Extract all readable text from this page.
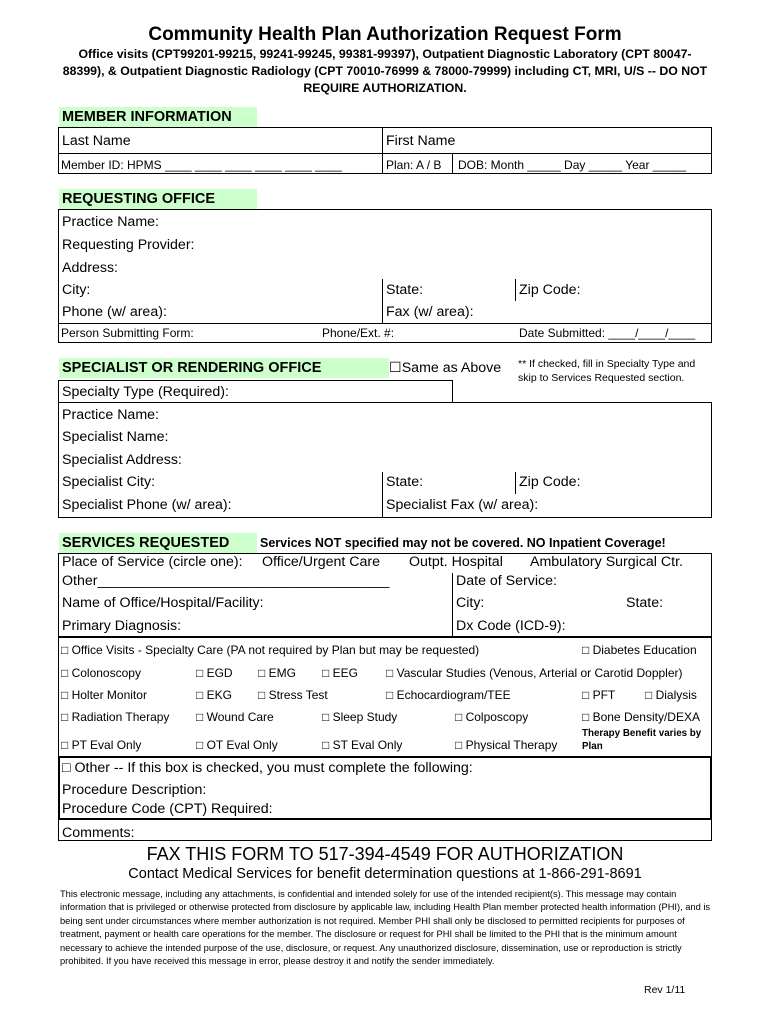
Community Health Plan Authorization Request Form
Office visits (CPT99201-99215, 99241-99245, 99381-99397), Outpatient Diagnostic Laboratory (CPT 80047-88399), & Outpatient Diagnostic Radiology (CPT 70010-76999 & 78000-79999) including CT, MRI, U/S -- DO NOT REQUIRE AUTHORIZATION.
MEMBER INFORMATION
Last Name	First Name
Member ID: HPMS ____ ____ ____ ____ ____ ____	Plan: A / B DOB: Month _____ Day _____ Year _____
REQUESTING OFFICE
Practice Name:
Requesting Provider:
Address:
City:	State:	Zip Code:
Phone (w/ area):	Fax (w/ area):
Person Submitting Form:	Phone/Ext. #:	Date Submitted: ____/____/____
SPECIALIST OR RENDERING OFFICE	☐Same as Above ** If checked, fill in Specialty Type and skip to Services Requested section.
Specialty Type (Required):
Practice Name:
Specialist Name:
Specialist Address:
Specialist City:	State:	Zip Code:
Specialist Phone (w/ area):	Specialist Fax (w/ area):
SERVICES REQUESTED	Services NOT specified may not be covered. NO Inpatient Coverage!
Place of Service (circle one): Office/Urgent Care Outpt. Hospital Ambulatory Surgical Ctr.
Other_____________________________________	Date of Service:
Name of Office/Hospital/Facility:	City:	State:
Primary Diagnosis:	Dx Code (ICD-9):
□ Office Visits - Specialty Care (PA not required by Plan but may be requested)	□ Diabetes Education
□ Colonoscopy	□ EGD □ EMG □ EEG □ Vascular Studies (Venous, Arterial or Carotid Doppler)
□ Holter Monitor	□ EKG □ Stress Test	□ Echocardiogram/TEE	□ PFT □ Dialysis
□ Radiation Therapy □ Wound Care	□ Sleep Study	□ Colposcopy	□ Bone Density/DEXA
□ PT Eval Only	□ OT Eval Only	□ ST Eval Only	□ Physical Therapy
Therapy Benefit varies by Plan
□ Other -- If this box is checked, you must complete the following:
Procedure Description:
Procedure Code (CPT) Required:
Comments:
FAX THIS FORM TO 517-394-4549 FOR AUTHORIZATION
Contact Medical Services for benefit determination questions at 1-866-291-8691
This electronic message, including any attachments, is confidential and intended solely for use of the intended recipient(s). This message may contain information that is privileged or otherwise protected from disclosure by applicable law, including Health Plan member protected health information (PHI), and is being sent under circumstances where member authorization is not required. Member PHI shall only be disclosed to permitted recipients for purposes of treatment, payment or health care operations for the member. The disclosure or request for PHI shall be limited to the PHI that is the minimum amount necessary to achieve the intended purpose of the use, disclosure, or request. Any unauthorized disclosure, dissemination, use or reproduction is strictly prohibited. If you have received this message in error, please destroy it and notify the sender immediately.
Rev 1/11
